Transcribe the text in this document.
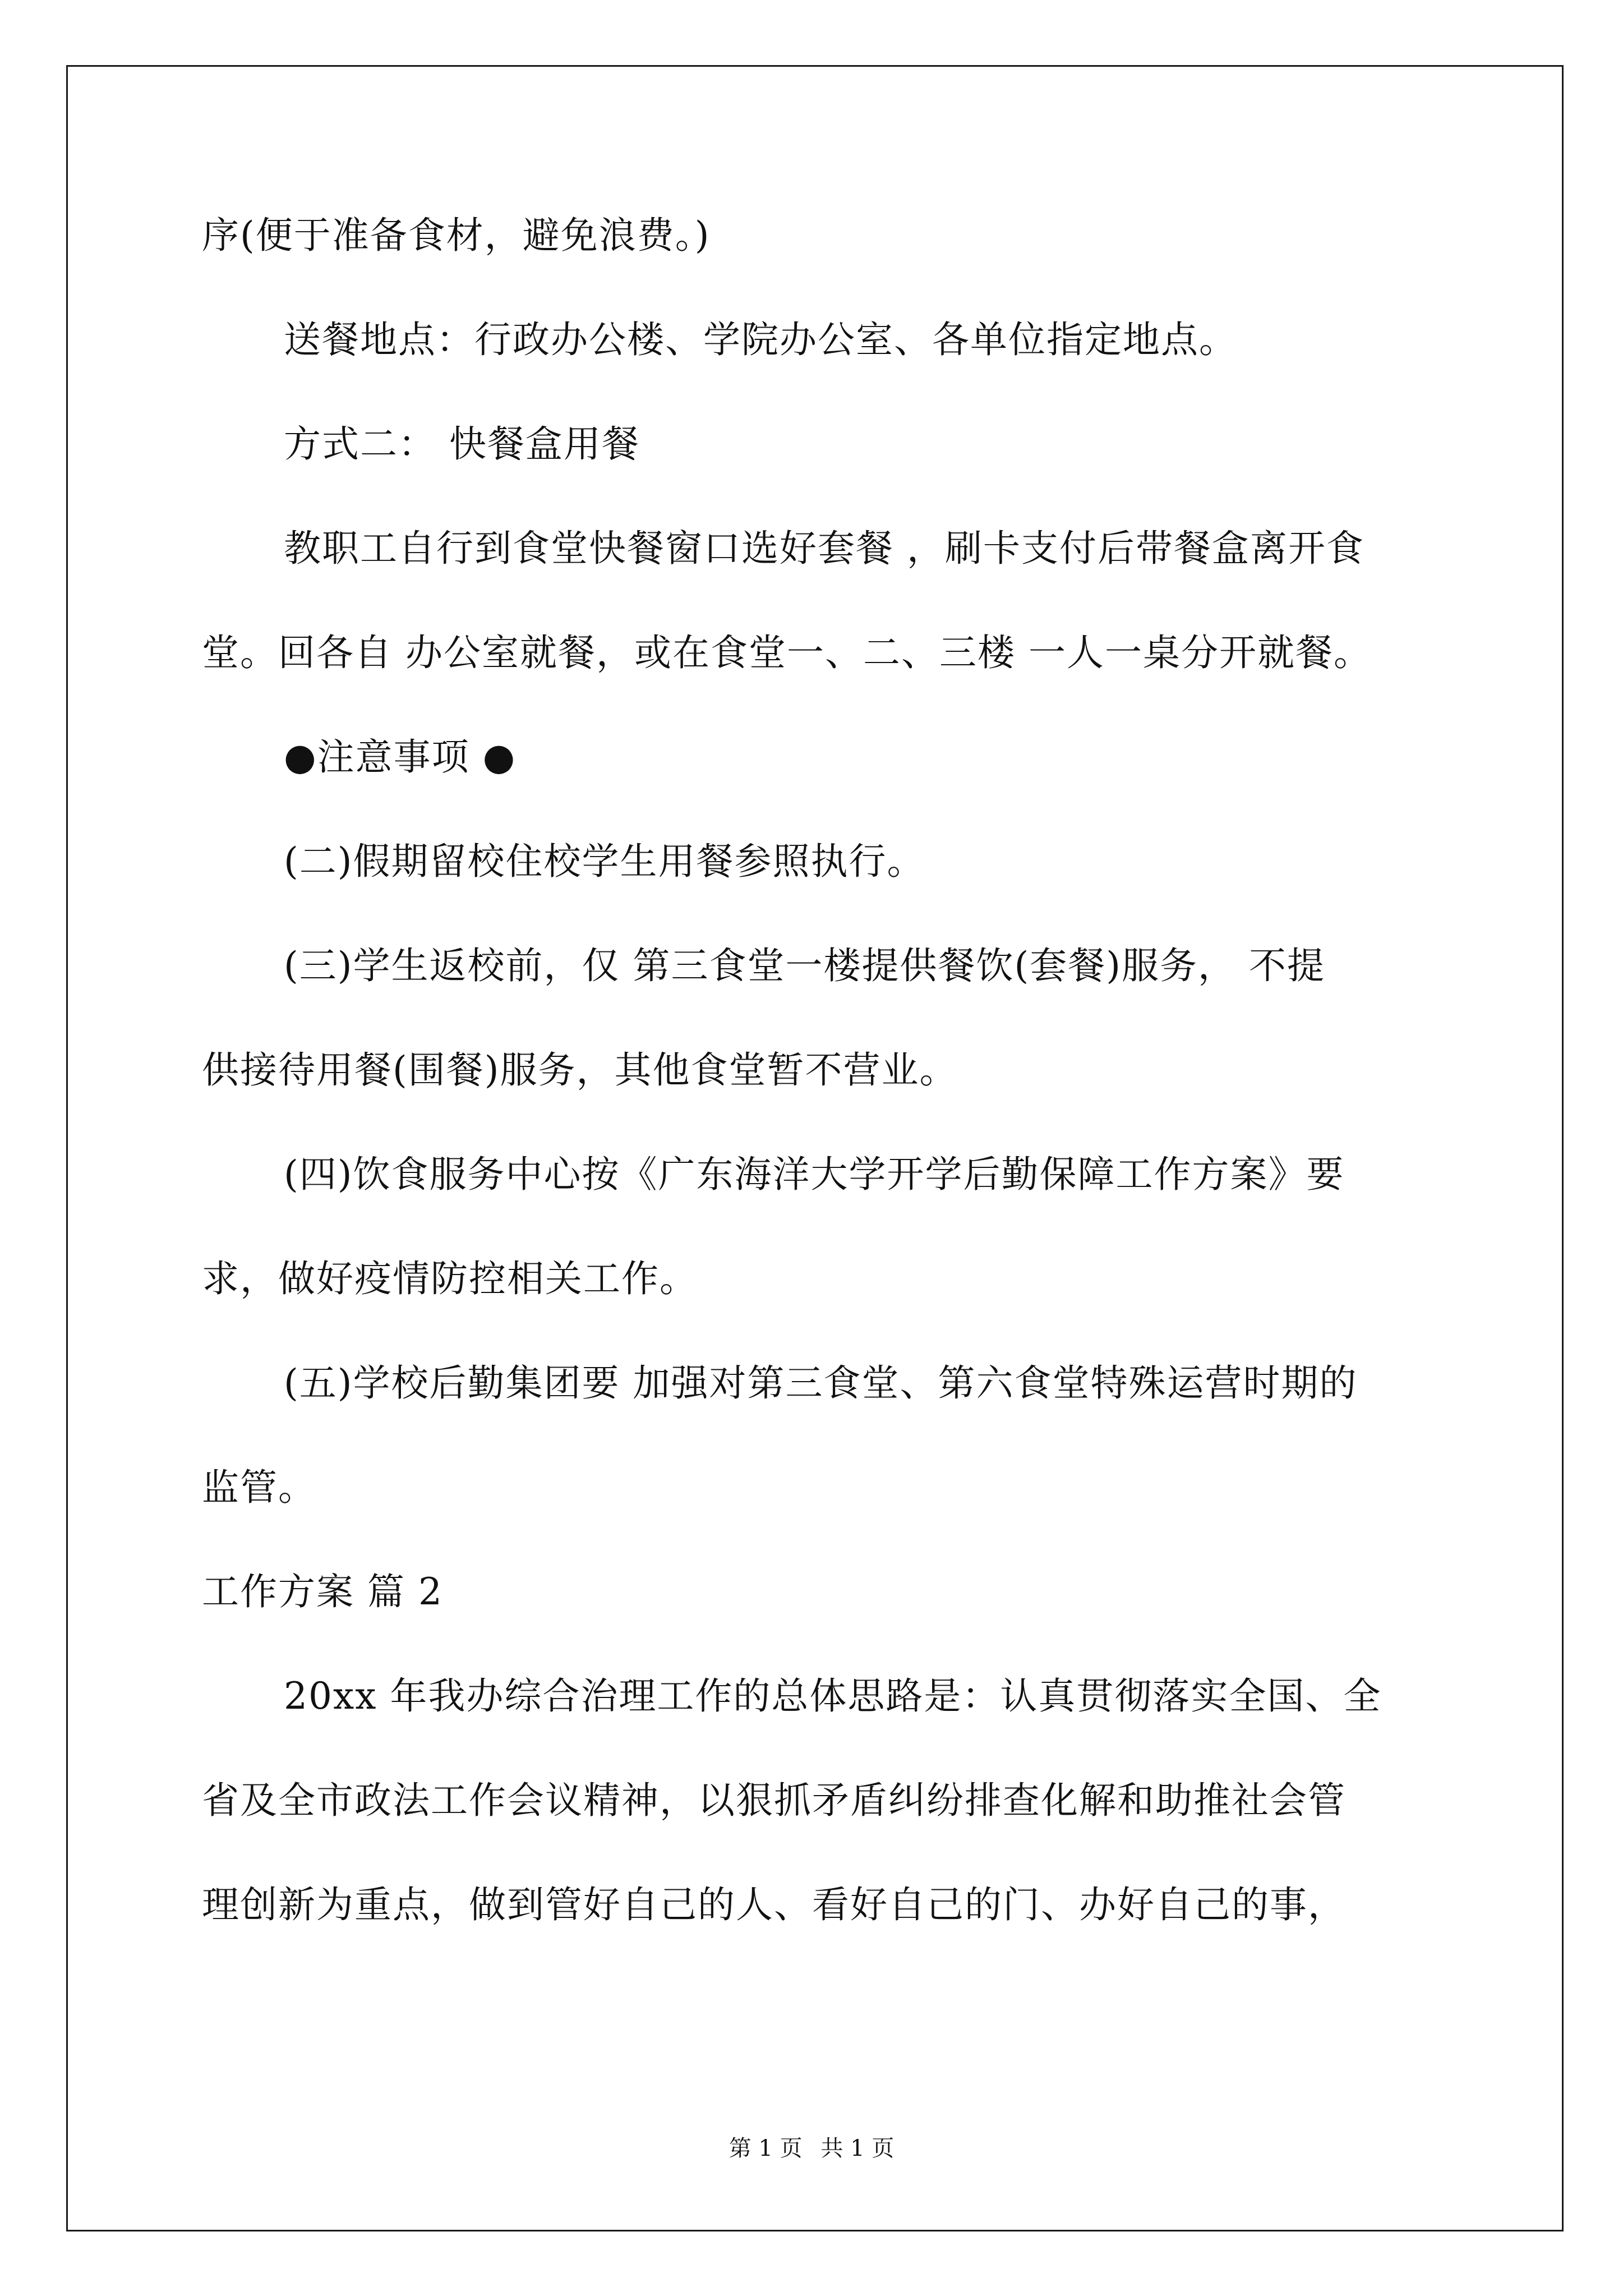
序(便于准备食材，避免浪费。)
送餐地点：行政办公楼、学院办公室、各单位指定地点。
方式二： 快餐盒用餐
教职工自行到食堂快餐窗口选好套餐 ，刷卡支付后带餐盒离开食
堂。回各自 办公室就餐，或在食堂一、二、三楼 一人一桌分开就餐。
●注意事项 ●
(二)假期留校住校学生用餐参照执行。
(三)学生返校前，仅 第三食堂一楼提供餐饮(套餐)服务， 不提
供接待用餐(围餐)服务，其他食堂暂不营业。
(四)饮食服务中心按《广东海洋大学开学后勤保障工作方案》要
求，做好疫情防控相关工作。
(五)学校后勤集团要 加强对第三食堂、第六食堂特殊运营时期的
监管。
工作方案 篇 2
20xx 年我办综合治理工作的总体思路是：认真贯彻落实全国、全
省及全市政法工作会议精神，以狠抓矛盾纠纷排查化解和助推社会管
理创新为重点，做到管好自己的人、看好自己的门、办好自己的事，
第 1 页 共 1 页
